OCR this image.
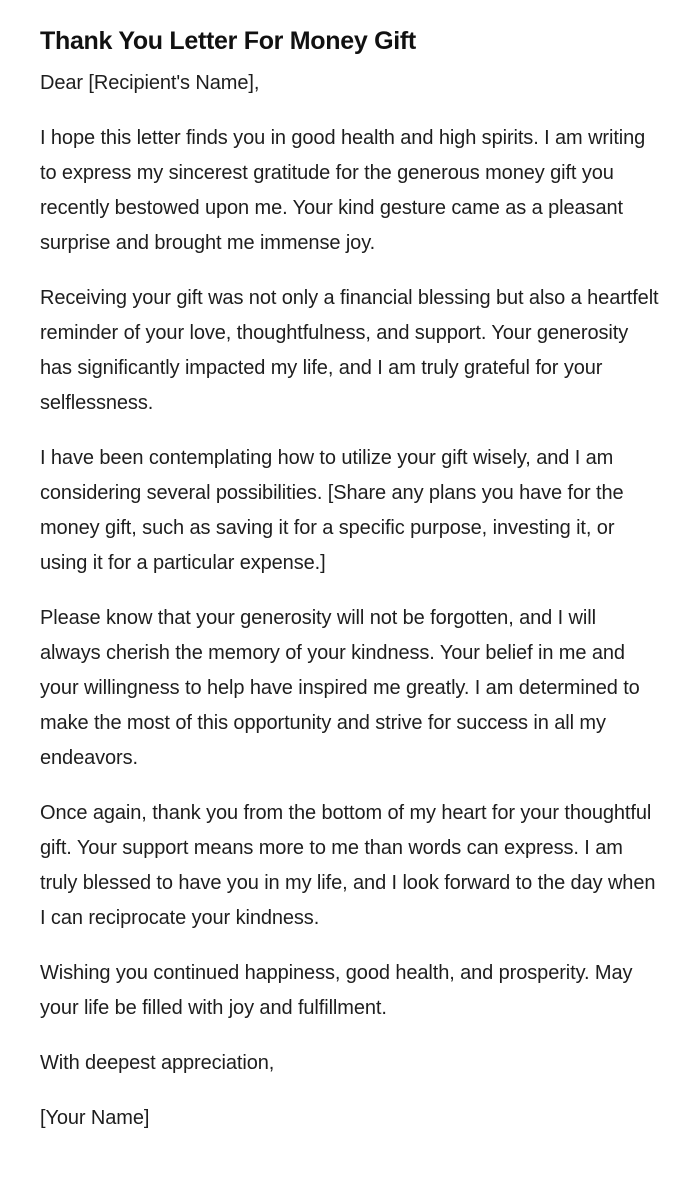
Thank You Letter For Money Gift

Dear [Recipient's Name],

I hope this letter finds you in good health and high spirits. I am writing to express my sincerest gratitude for the generous money gift you recently bestowed upon me. Your kind gesture came as a pleasant surprise and brought me immense joy.

Receiving your gift was not only a financial blessing but also a heartfelt reminder of your love, thoughtfulness, and support. Your generosity has significantly impacted my life, and I am truly grateful for your selflessness.

I have been contemplating how to utilize your gift wisely, and I am considering several possibilities. [Share any plans you have for the money gift, such as saving it for a specific purpose, investing it, or using it for a particular expense.]

Please know that your generosity will not be forgotten, and I will always cherish the memory of your kindness. Your belief in me and your willingness to help have inspired me greatly. I am determined to make the most of this opportunity and strive for success in all my endeavors.

Once again, thank you from the bottom of my heart for your thoughtful gift. Your support means more to me than words can express. I am truly blessed to have you in my life, and I look forward to the day when I can reciprocate your kindness.

Wishing you continued happiness, good health, and prosperity. May your life be filled with joy and fulfillment.

With deepest appreciation,

[Your Name]
